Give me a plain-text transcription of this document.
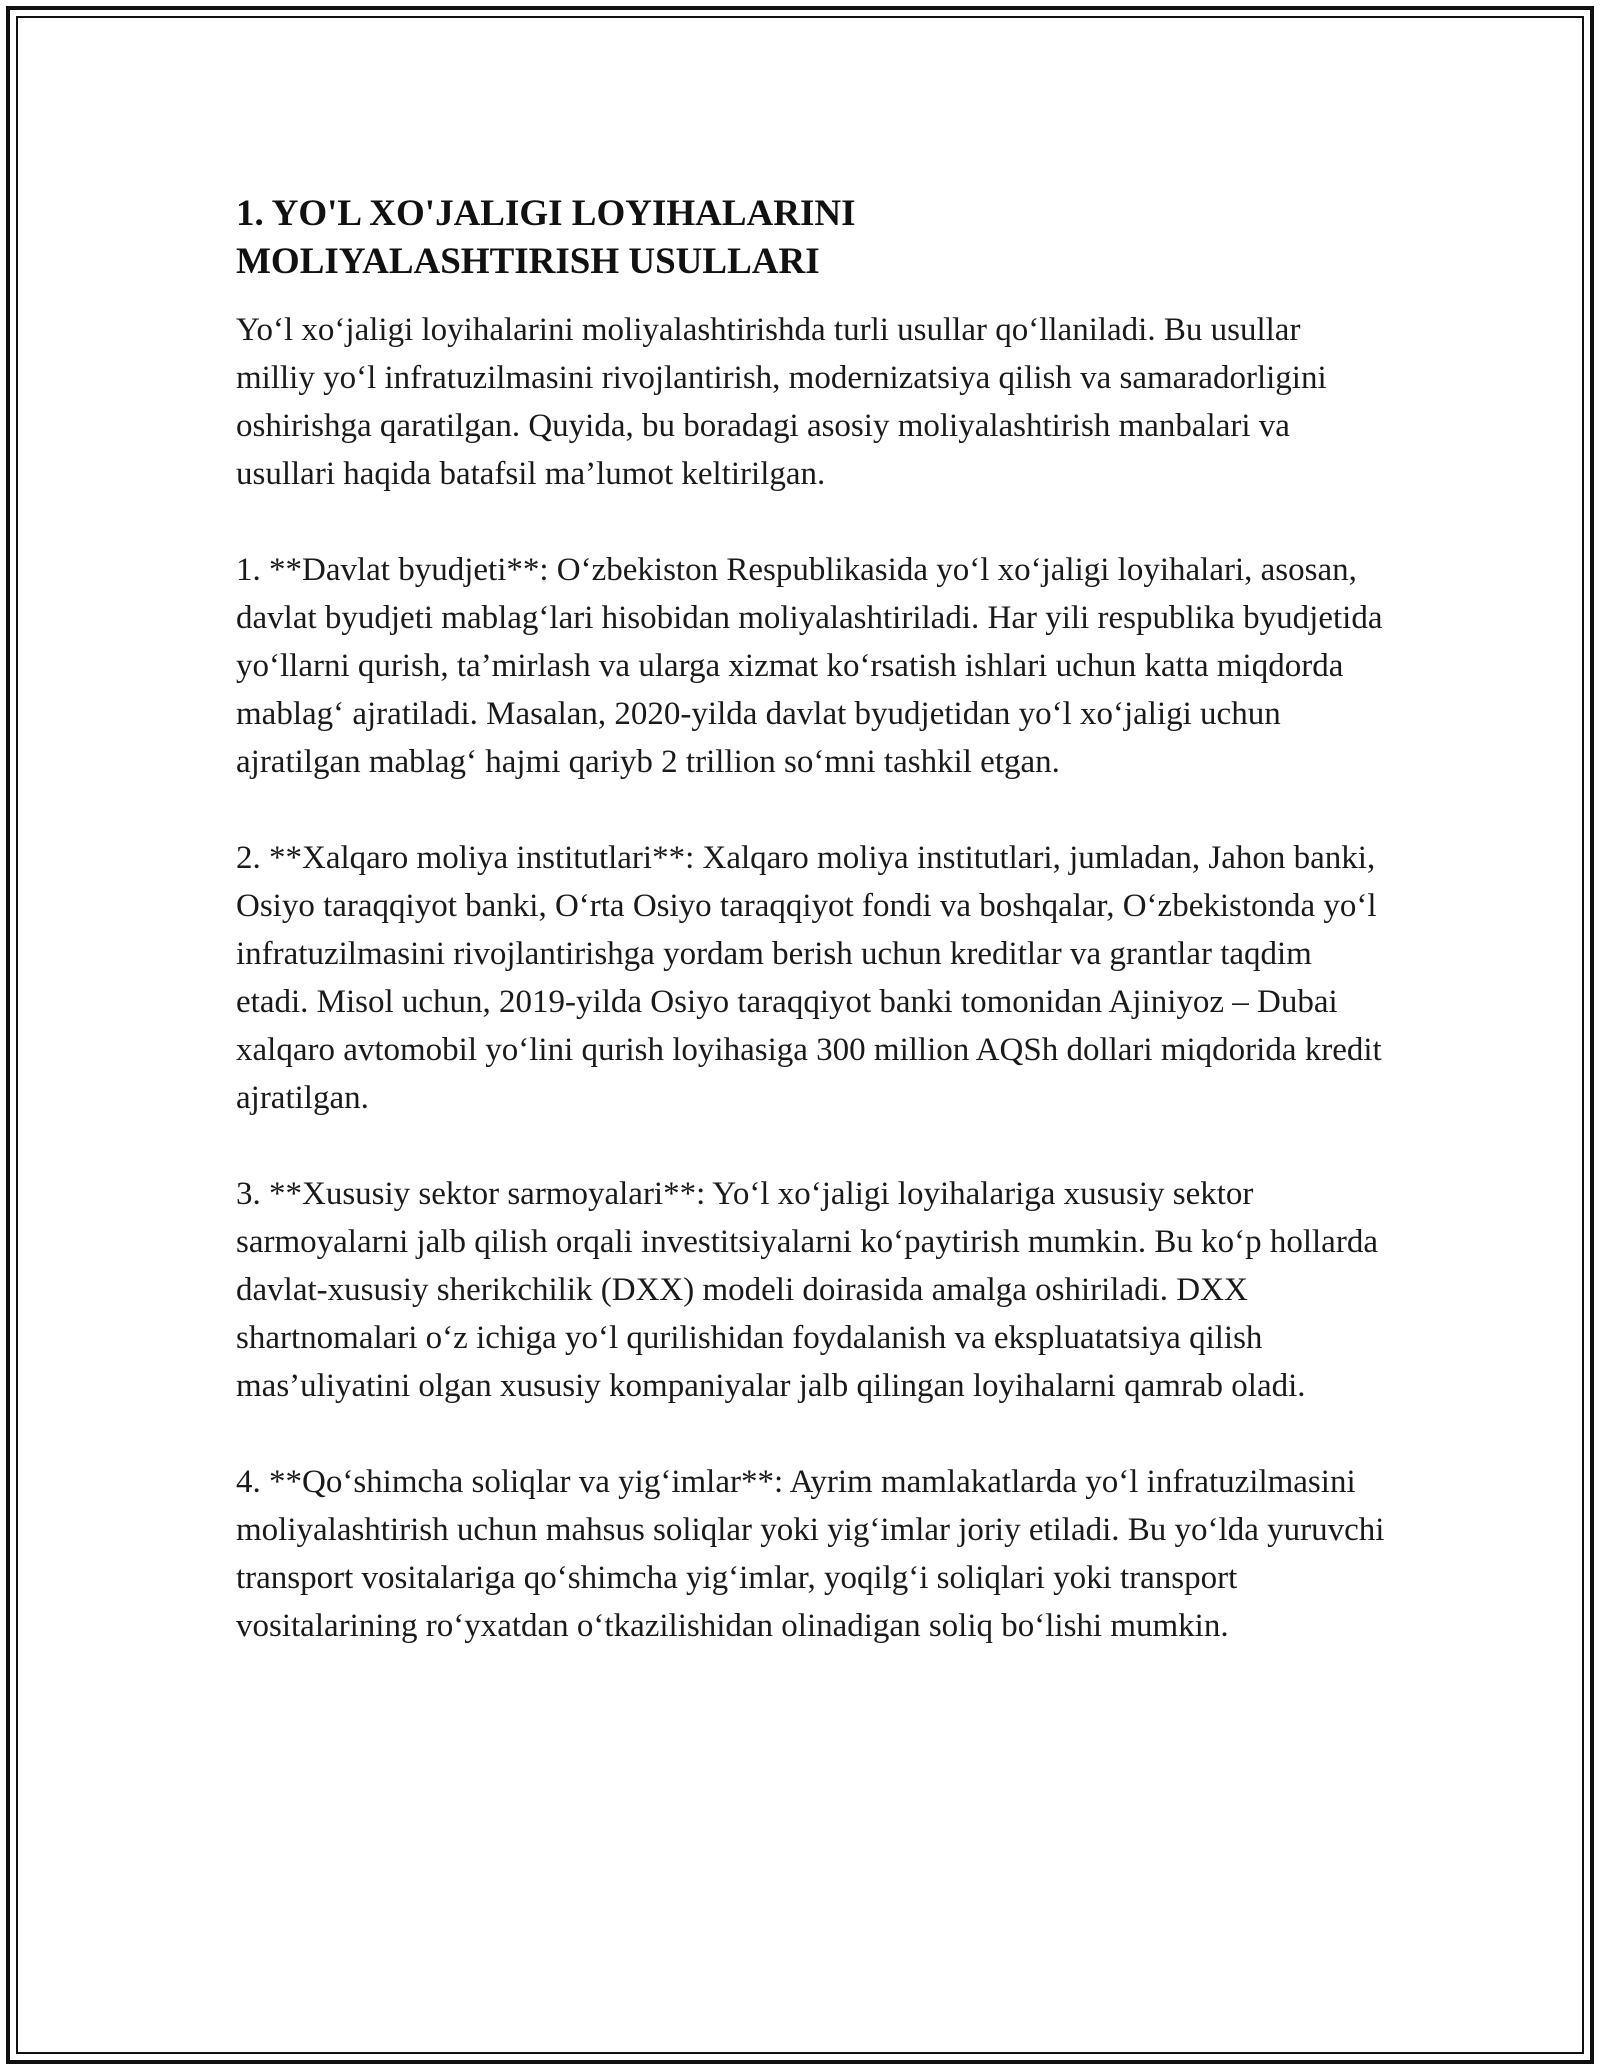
1. YO'L XO'JALIGI LOYIHALARINI
MOLIYALASHTIRISH USULLARI

Yo‘l xo‘jaligi loyihalarini moliyalashtirishda turli usullar qo‘llaniladi. Bu usullar milliy yo‘l infratuzilmasini rivojlantirish, modernizatsiya qilish va samaradorligini oshirishga qaratilgan. Quyida, bu boradagi asosiy moliyalashtirish manbalari va usullari haqida batafsil ma’lumot keltirilgan.

1. **Davlat byudjeti**: O‘zbekiston Respublikasida yo‘l xo‘jaligi loyihalari, asosan, davlat byudjeti mablag‘lari hisobidan moliyalashtiriladi. Har yili respublika byudjetida yo‘llarni qurish, ta’mirlash va ularga xizmat ko‘rsatish ishlari uchun katta miqdorda mablag‘ ajratiladi. Masalan, 2020-yilda davlat byudjetidan yo‘l xo‘jaligi uchun ajratilgan mablag‘ hajmi qariyb 2 trillion so‘mni tashkil etgan.

2. **Xalqaro moliya institutlari**: Xalqaro moliya institutlari, jumladan, Jahon banki, Osiyo taraqqiyot banki, O‘rta Osiyo taraqqiyot fondi va boshqalar, O‘zbekistonda yo‘l infratuzilmasini rivojlantirishga yordam berish uchun kreditlar va grantlar taqdim etadi. Misol uchun, 2019-yilda Osiyo taraqqiyot banki tomonidan Ajiniyoz – Dubai xalqaro avtomobil yo‘lini qurish loyihasiga 300 million AQSh dollari miqdorida kredit ajratilgan.

3. **Xususiy sektor sarmoyalari**: Yo‘l xo‘jaligi loyihalariga xususiy sektor sarmoyalarni jalb qilish orqali investitsiyalarni ko‘paytirish mumkin. Bu ko‘p hollarda davlat-xususiy sherikchilik (DXX) modeli doirasida amalga oshiriladi. DXX shartnomalari o‘z ichiga yo‘l qurilishidan foydalanish va ekspluatatsiya qilish mas’uliyatini olgan xususiy kompaniyalar jalb qilingan loyihalarni qamrab oladi.

4. **Qo‘shimcha soliqlar va yig‘imlar**: Ayrim mamlakatlarda yo‘l infratuzilmasini moliyalashtirish uchun mahsus soliqlar yoki yig‘imlar joriy etiladi. Bu yo‘lda yuruvchi transport vositalariga qo‘shimcha yig‘imlar, yoqilg‘i soliqlari yoki transport vositalarining ro‘yxatdan o‘tkazilishidan olinadigan soliq bo‘lishi mumkin.
